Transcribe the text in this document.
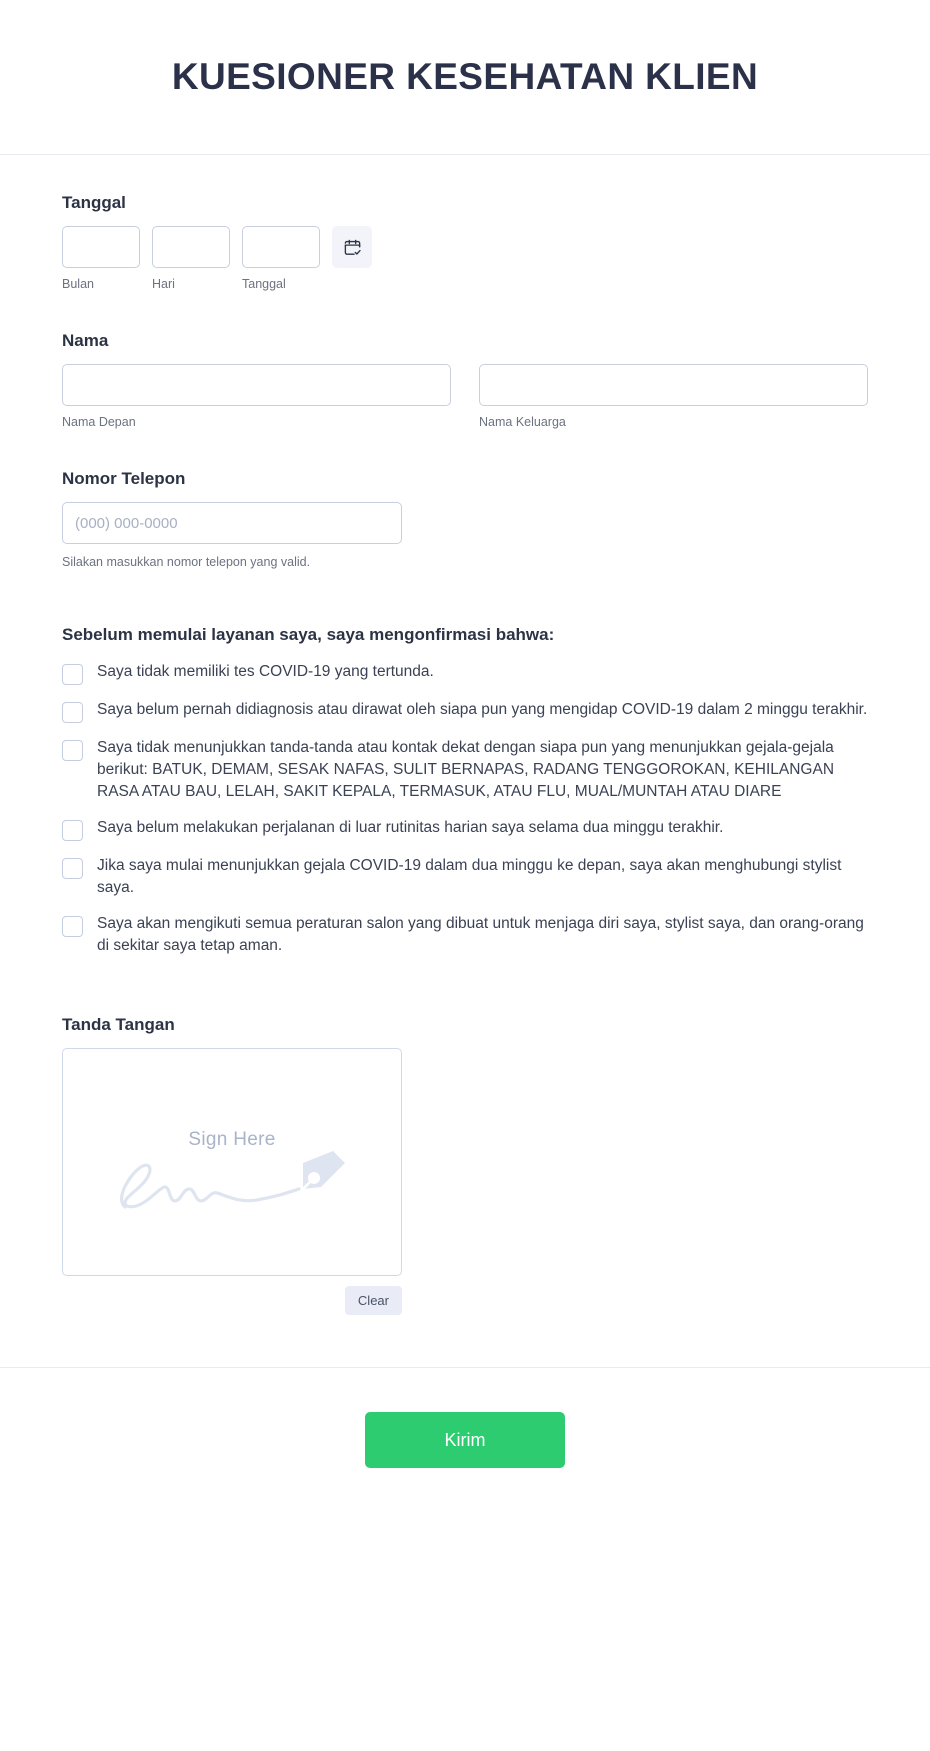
KUESIONER KESEHATAN KLIEN
Tanggal
Bulan	Hari	Tanggal
Nama
Nama Depan	Nama Keluarga
Nomor Telepon
(000) 000-0000
Silakan masukkan nomor telepon yang valid.
Sebelum memulai layanan saya, saya mengonfirmasi bahwa:
Saya tidak memiliki tes COVID-19 yang tertunda.
Saya belum pernah didiagnosis atau dirawat oleh siapa pun yang mengidap COVID-19 dalam 2 minggu terakhir.
Saya tidak menunjukkan tanda-tanda atau kontak dekat dengan siapa pun yang menunjukkan gejala-gejala berikut: BATUK, DEMAM, SESAK NAFAS, SULIT BERNAPAS, RADANG TENGGOROKAN, KEHILANGAN RASA ATAU BAU, LELAH, SAKIT KEPALA, TERMASUK, ATAU FLU, MUAL/MUNTAH ATAU DIARE
Saya belum melakukan perjalanan di luar rutinitas harian saya selama dua minggu terakhir.
Jika saya mulai menunjukkan gejala COVID-19 dalam dua minggu ke depan, saya akan menghubungi stylist saya.
Saya akan mengikuti semua peraturan salon yang dibuat untuk menjaga diri saya, stylist saya, dan orang-orang di sekitar saya tetap aman.
Tanda Tangan
Sign Here
Clear
Kirim
